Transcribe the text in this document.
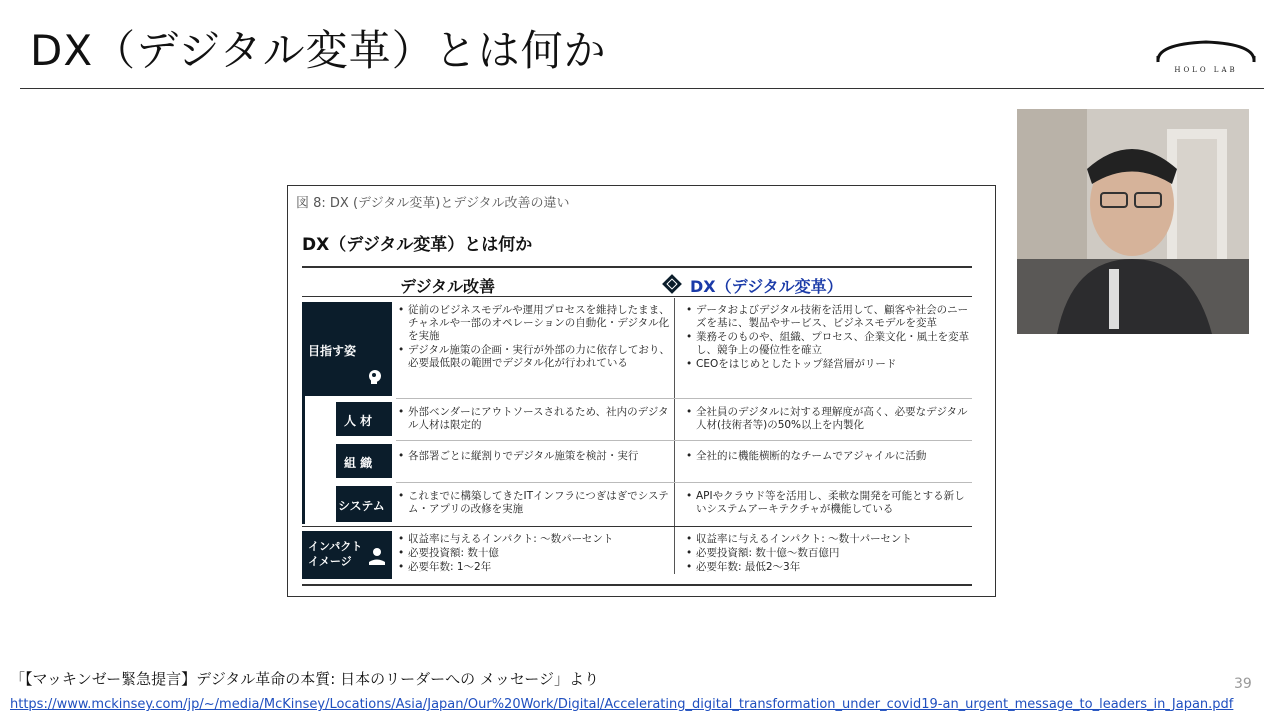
DX（デジタル変革）とは何か	HOLO LAB
図 8: DX (デジタル変革)とデジタル改善の違い
DX（デジタル変革）とは何か
デジタル改善	DX（デジタル変革）
目指す姿
人 材
組 織
システム
インパクト イメージ
• 従前のビジネスモデルや運用プロセスを維持したまま、チャネルや一部のオペレーションの自動化・デジタル化を実施
• デジタル施策の企画・実行が外部の力に依存しており、必要最低限の範囲でデジタル化が行われている
• データおよびデジタル技術を活用して、顧客や社会のニーズを基に、製品やサービス、ビジネスモデルを変革
• 業務そのものや、組織、プロセス、企業文化・風土を変革し、競争上の優位性を確立
• CEOをはじめとしたトップ経営層がリード
• 外部ベンダーにアウトソースされるため、社内のデジタル人材は限定的
• 全社員のデジタルに対する理解度が高く、必要なデジタル人材(技術者等)の50%以上を内製化
• 各部署ごとに縦割りでデジタル施策を検討・実行
•	全社的に機能横断的なチームでアジャイルに活動
• これまでに構築してきたITインフラにつぎはぎでシステム・アプリの改修を実施
• APIやクラウド等を活用し、柔軟な開発を可能とする新しいシステムアーキテクチャが機能している
• 収益率に与えるインパクト: ～数パーセント
• 必要投資額: 数十億
• 必要年数: 1～2年
• 収益率に与えるインパクト: ～数十パーセント
• 必要投資額: 数十億～数百億円
• 必要年数: 最低2～3年
「【マッキンゼー緊急提言】デジタル革命の本質: 日本のリーダーへの メッセージ」より
https://www.mckinsey.com/jp/~/media/McKinsey/Locations/Asia/Japan/Our%20Work/Digital/Accelerating_digital_transformation_under_covid19-an_urgent_message_to_leaders_in_Japan.pdf
39
